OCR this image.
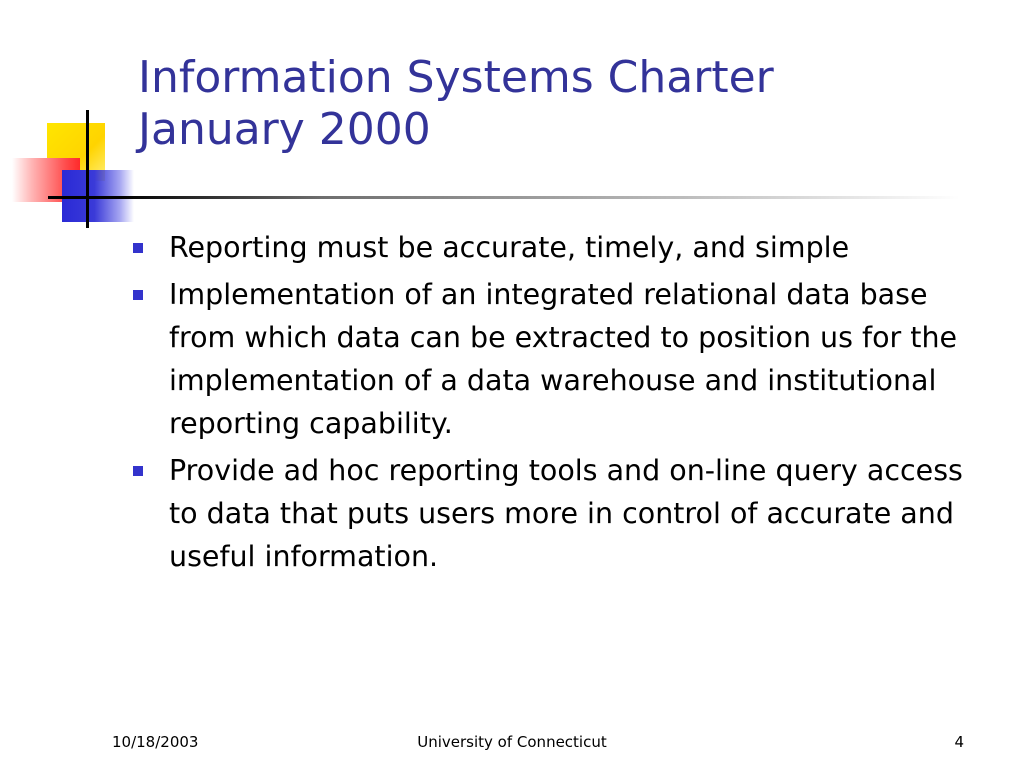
Information Systems Charter
January 2000
Reporting must be accurate, timely, and simple
Implementation of an integrated relational data base from which data can be extracted to position us for the implementation of a data warehouse and institutional reporting capability.
Provide ad hoc reporting tools and on-line query access to data that puts users more in control of accurate and useful information.
10/18/2003	University of Connecticut	4
